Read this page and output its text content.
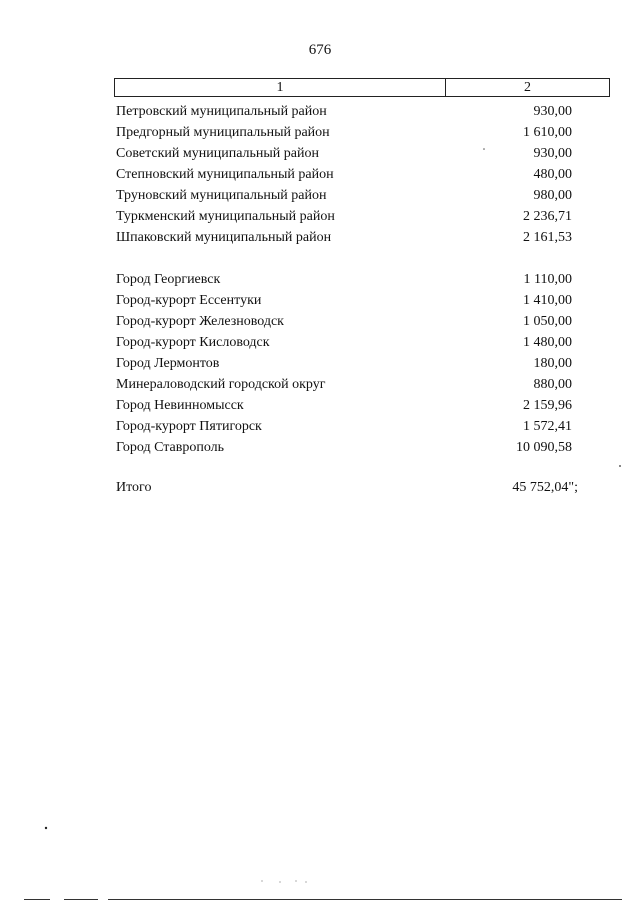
676
1	2
Петровский муниципальный район	930,00
Предгорный муниципальный район	1 610,00
Советский муниципальный район	930,00
Степновский муниципальный район	480,00
Труновский муниципальный район	980,00
Туркменский муниципальный район	2 236,71
Шпаковский муниципальный район	2 161,53
Город Георгиевск	1 110,00
Город-курорт Ессентуки	1 410,00
Город-курорт Железноводск	1 050,00
Город-курорт Кисловодск	1 480,00
Город Лермонтов	180,00
Минераловодский городской округ	880,00
Город Невинномысск	2 159,96
Город-курорт Пятигорск	1 572,41
Город Ставрополь	10 090,58
Итого	45 752,04";
